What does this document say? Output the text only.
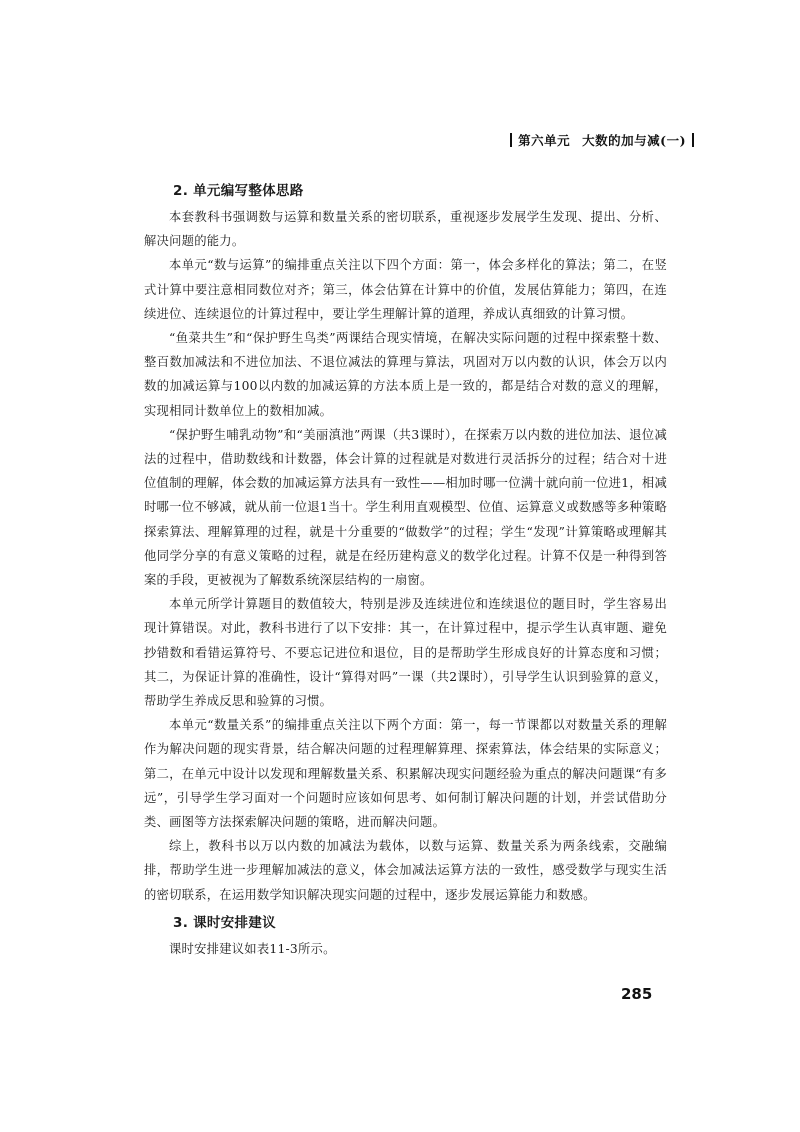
第六单元 大数的加与减(一)
2. 单元编写整体思路

本套教科书强调数与运算和数量关系的密切联系，重视逐步发展学生发现、提出、分析、解决问题的能力。

本单元“数与运算”的编排重点关注以下四个方面：第一，体会多样化的算法；第二，在竖式计算中要注意相同数位对齐；第三，体会估算在计算中的价值，发展估算能力；第四，在连续进位、连续退位的计算过程中，要让学生理解计算的道理，养成认真细致的计算习惯。

“鱼菜共生”和“保护野生鸟类”两课结合现实情境，在解决实际问题的过程中探索整十数、整百数加减法和不进位加法、不退位减法的算理与算法，巩固对万以内数的认识，体会万以内数的加减运算与100以内数的加减运算的方法本质上是一致的，都是结合对数的意义的理解，实现相同计数单位上的数相加减。

“保护野生哺乳动物”和“美丽滇池”两课（共3课时），在探索万以内数的进位加法、退位减法的过程中，借助数线和计数器，体会计算的过程就是对数进行灵活拆分的过程；结合对十进位值制的理解，体会数的加减运算方法具有一致性——相加时哪一位满十就向前一位进1，相减时哪一位不够减，就从前一位退1当十。学生利用直观模型、位值、运算意义或数感等多种策略探索算法、理解算理的过程，就是十分重要的“做数学”的过程；学生“发现”计算策略或理解其他同学分享的有意义策略的过程，就是在经历建构意义的数学化过程。计算不仅是一种得到答案的手段，更被视为了解数系统深层结构的一扇窗。

本单元所学计算题目的数值较大，特别是涉及连续进位和连续退位的题目时，学生容易出现计算错误。对此，教科书进行了以下安排：其一，在计算过程中，提示学生认真审题、避免抄错数和看错运算符号、不要忘记进位和退位，目的是帮助学生形成良好的计算态度和习惯；其二，为保证计算的准确性，设计“算得对吗”一课（共2课时），引导学生认识到验算的意义，帮助学生养成反思和验算的习惯。

本单元“数量关系”的编排重点关注以下两个方面：第一，每一节课都以对数量关系的理解作为解决问题的现实背景，结合解决问题的过程理解算理、探索算法，体会结果的实际意义；第二，在单元中设计以发现和理解数量关系、积累解决现实问题经验为重点的解决问题课“有多远”，引导学生学习面对一个问题时应该如何思考、如何制订解决问题的计划，并尝试借助分类、画图等方法探索解决问题的策略，进而解决问题。

综上，教科书以万以内数的加减法为载体，以数与运算、数量关系为两条线索，交融编排，帮助学生进一步理解加减法的意义，体会加减法运算方法的一致性，感受数学与现实生活的密切联系，在运用数学知识解决现实问题的过程中，逐步发展运算能力和数感。

3. 课时安排建议

课时安排建议如表11-3所示。

285
